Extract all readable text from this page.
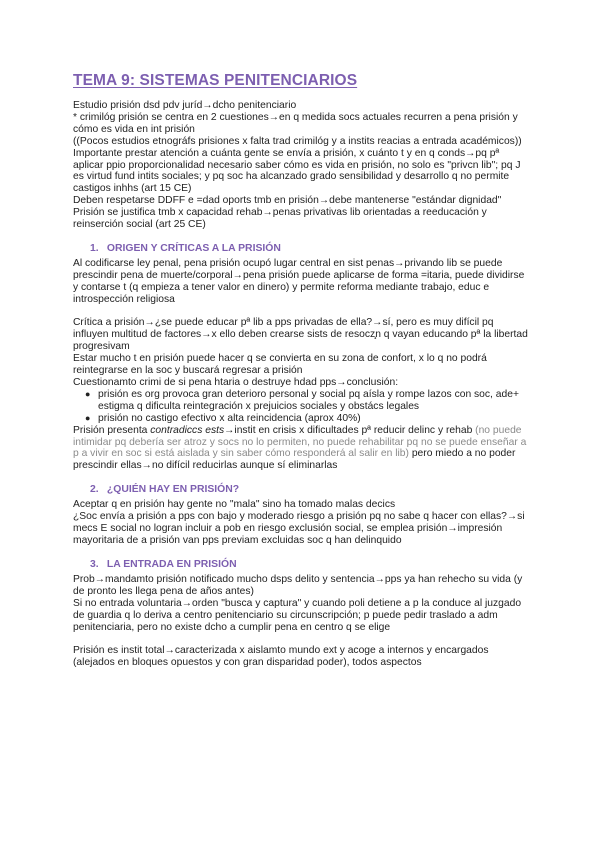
TEMA 9: SISTEMAS PENITENCIARIOS

Estudio prisión dsd pdv juríd→dcho penitenciario

* crimilóg prisión se centra en 2 cuestiones→en q medida socs actuales recurren a pena prisión y cómo es vida en int prisión

((Pocos estudios etnográfs prisiones x falta trad crimilóg y a instits reacias a entrada académicos))

Importante prestar atención a cuánta gente se envía a prisión, x cuánto t y en q conds→pq pª aplicar ppio proporcionalidad necesario saber cómo es vida en prisión, no solo es "privcn lib"; pq J es virtud fund intits sociales; y pq soc ha alcanzado grado sensibilidad y desarrollo q no permite castigos inhhs (art 15 CE)

Deben respetarse DDFF e =dad oports tmb en prisión→debe mantenerse "estándar dignidad"

Prisión se justifica tmb x capacidad rehab→penas privativas lib orientadas a reeducación y reinserción social (art 25 CE)

1. ORIGEN Y CRÍTICAS A LA PRISIÓN

Al codificarse ley penal, pena prisión ocupó lugar central en sist penas→privando lib se puede prescindir pena de muerte/corporal→pena prisión puede aplicarse de forma =itaria, puede dividirse y contarse t (q empieza a tener valor en dinero) y permite reforma mediante trabajo, educ e introspección religiosa

Crítica a prisión→¿se puede educar pª lib a pps privadas de ella?→sí, pero es muy difícil pq influyen multitud de factores→x ello deben crearse sists de resocz̧n q vayan educando pª la libertad progresivam

Estar mucho t en prisión puede hacer q se convierta en su zona de confort, x lo q no podrá reintegrarse en la soc y buscará regresar a prisión

Cuestionamto crimi de si pena htaria o destruye hdad pps→conclusión:

● prisión es org provoca gran deterioro personal y social pq aísla y rompe lazos con soc, ade+ estigma q dificulta reintegración x prejuicios sociales y obstács legales
● prisión no castigo efectivo x alta reincidencia (aprox 40%)

Prisión presenta contradiccs ests→instit en crisis x dificultades pª reducir delinc y rehab (no puede intimidar pq debería ser atroz y socs no lo permiten, no puede rehabilitar pq no se puede enseñar a p a vivir en soc si está aislada y sin saber cómo responderá al salir en lib) pero miedo a no poder prescindir ellas→no difícil reducirlas aunque sí eliminarlas

2. ¿QUIÉN HAY EN PRISIÓN?

Aceptar q en prisión hay gente no "mala" sino ha tomado malas decics

¿Soc envía a prisión a pps con bajo y moderado riesgo a prisión pq no sabe q hacer con ellas?→si mecs E social no logran incluir a pob en riesgo exclusión social, se emplea prisión→impresión mayoritaria de a prisión van pps previam excluidas soc q han delinquido

3. LA ENTRADA EN PRISIÓN

Prob→mandamto prisión notificado mucho dsps delito y sentencia→pps ya han rehecho su vida (y de pronto les llega pena de años antes)

Si no entrada voluntaria→orden "busca y captura" y cuando poli detiene a p la conduce al juzgado de guardia q lo deriva a centro penitenciario su circunscripción; p puede pedir traslado a adm penitenciaria, pero no existe dcho a cumplir pena en centro q se elige

Prisión es instit total→caracterizada x aislamto mundo ext y acoge a internos y encargados (alejados en bloques opuestos y con gran disparidad poder), todos aspectos
